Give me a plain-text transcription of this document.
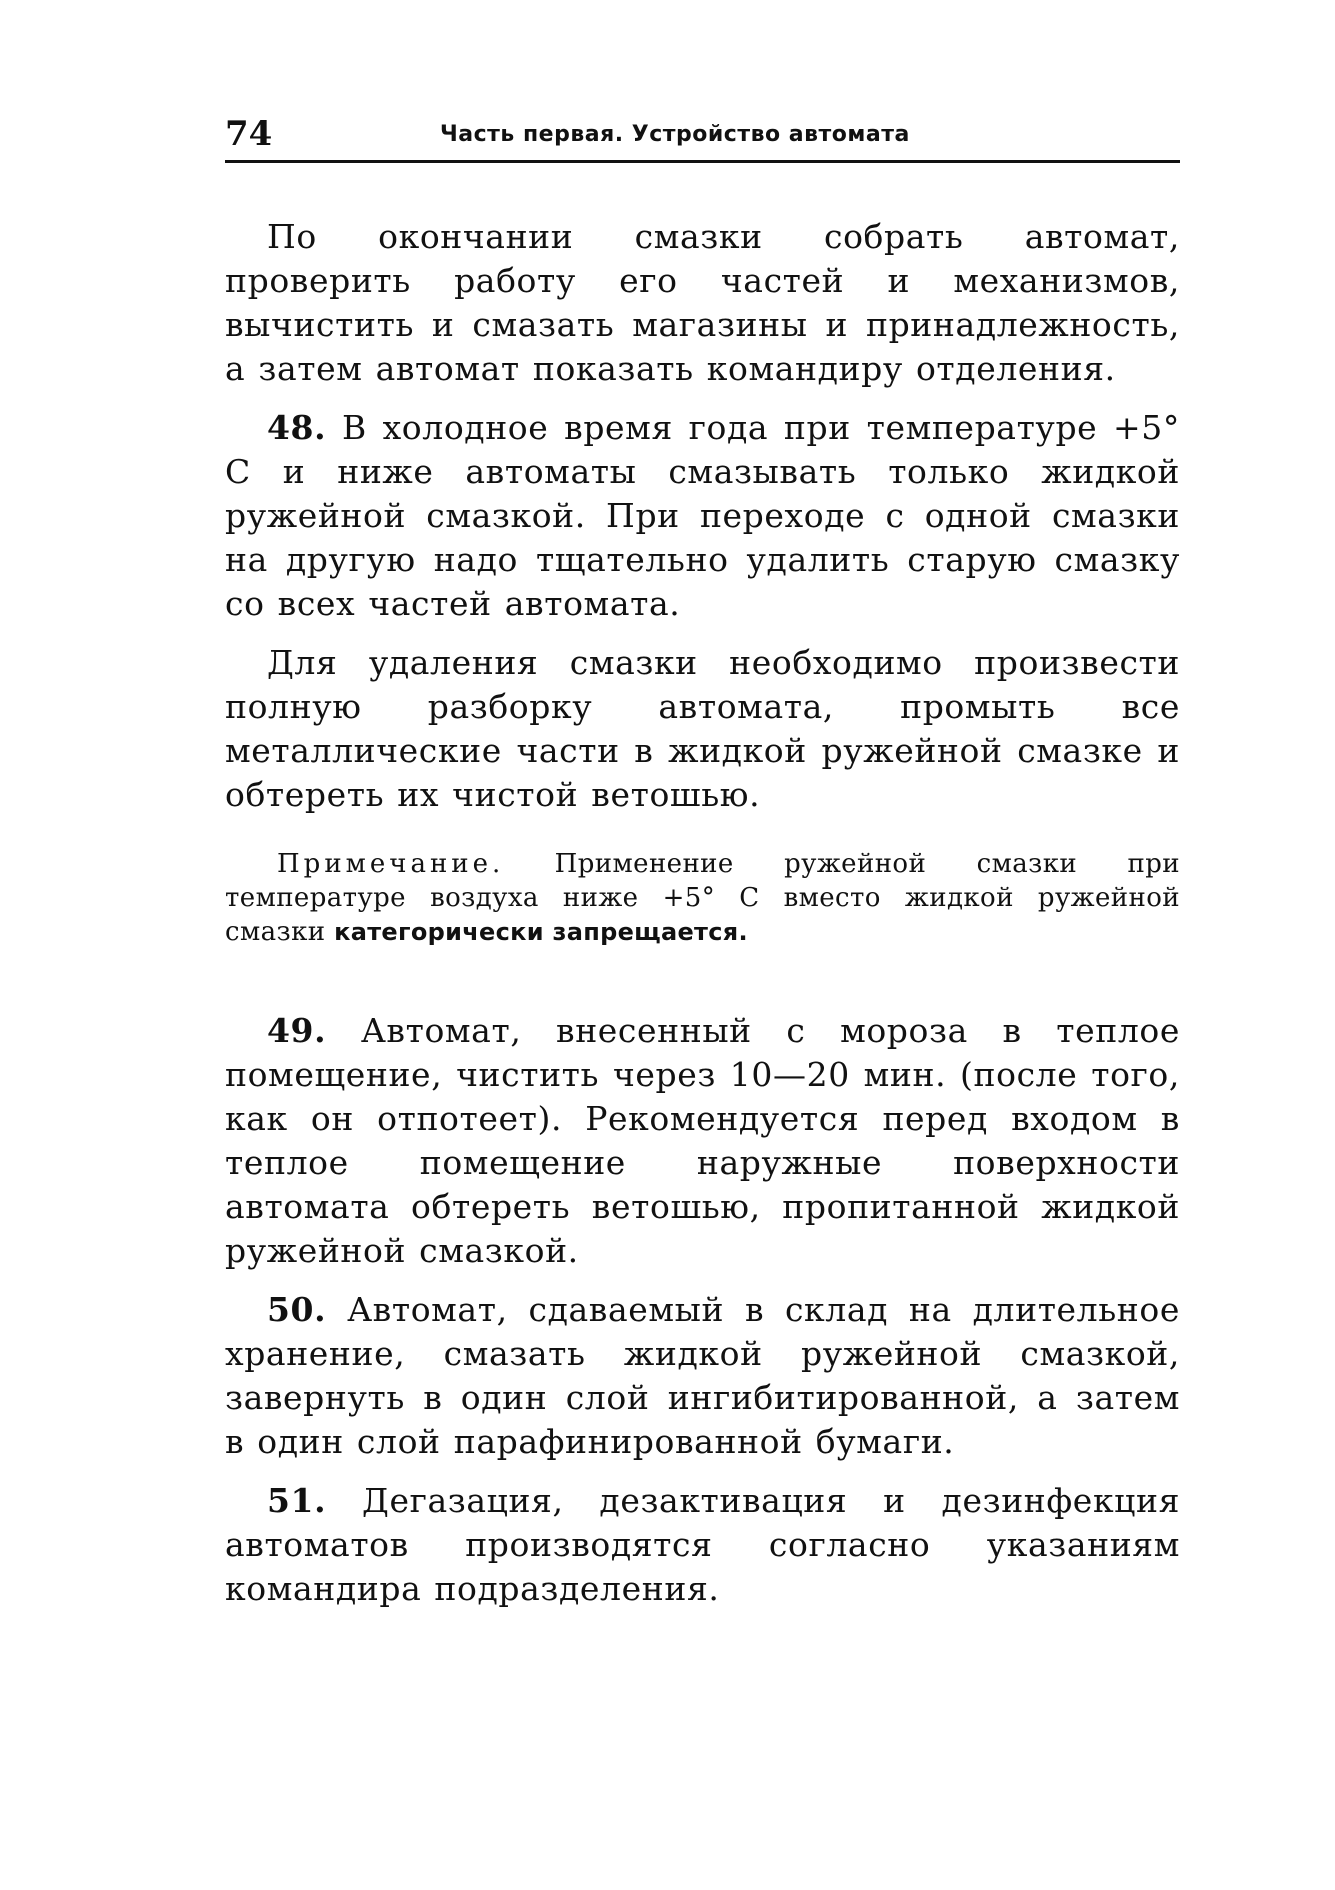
74	Часть первая. Устройство автомата

По окончании смазки собрать автомат, проверить работу его частей и механизмов, вычистить и смазать магазины и принадлежность, а затем автомат показать командиру отделения.

48. В холодное время года при температуре +5° С и ниже автоматы смазывать только жидкой ружейной смазкой. При переходе с одной смазки на другую надо тщательно удалить старую смазку со всех частей автомата.

Для удаления смазки необходимо произвести полную разборку автомата, промыть все металлические части в жидкой ружейной смазке и обтереть их чистой ветошью.

Примечание. Применение ружейной смазки при температуре воздуха ниже +5° С вместо жидкой ружейной смазки категорически запрещается.

49. Автомат, внесенный с мороза в теплое помещение, чистить через 10—20 мин. (после того, как он отпотеет). Рекомендуется перед входом в теплое помещение наружные поверхности автомата обтереть ветошью, пропитанной жидкой ружейной смазкой.

50. Автомат, сдаваемый в склад на длительное хранение, смазать жидкой ружейной смазкой, завернуть в один слой ингибитированной, а затем в один слой парафинированной бумаги.

51. Дегазация, дезактивация и дезинфекция автоматов производятся согласно указаниям командира подразделения.
